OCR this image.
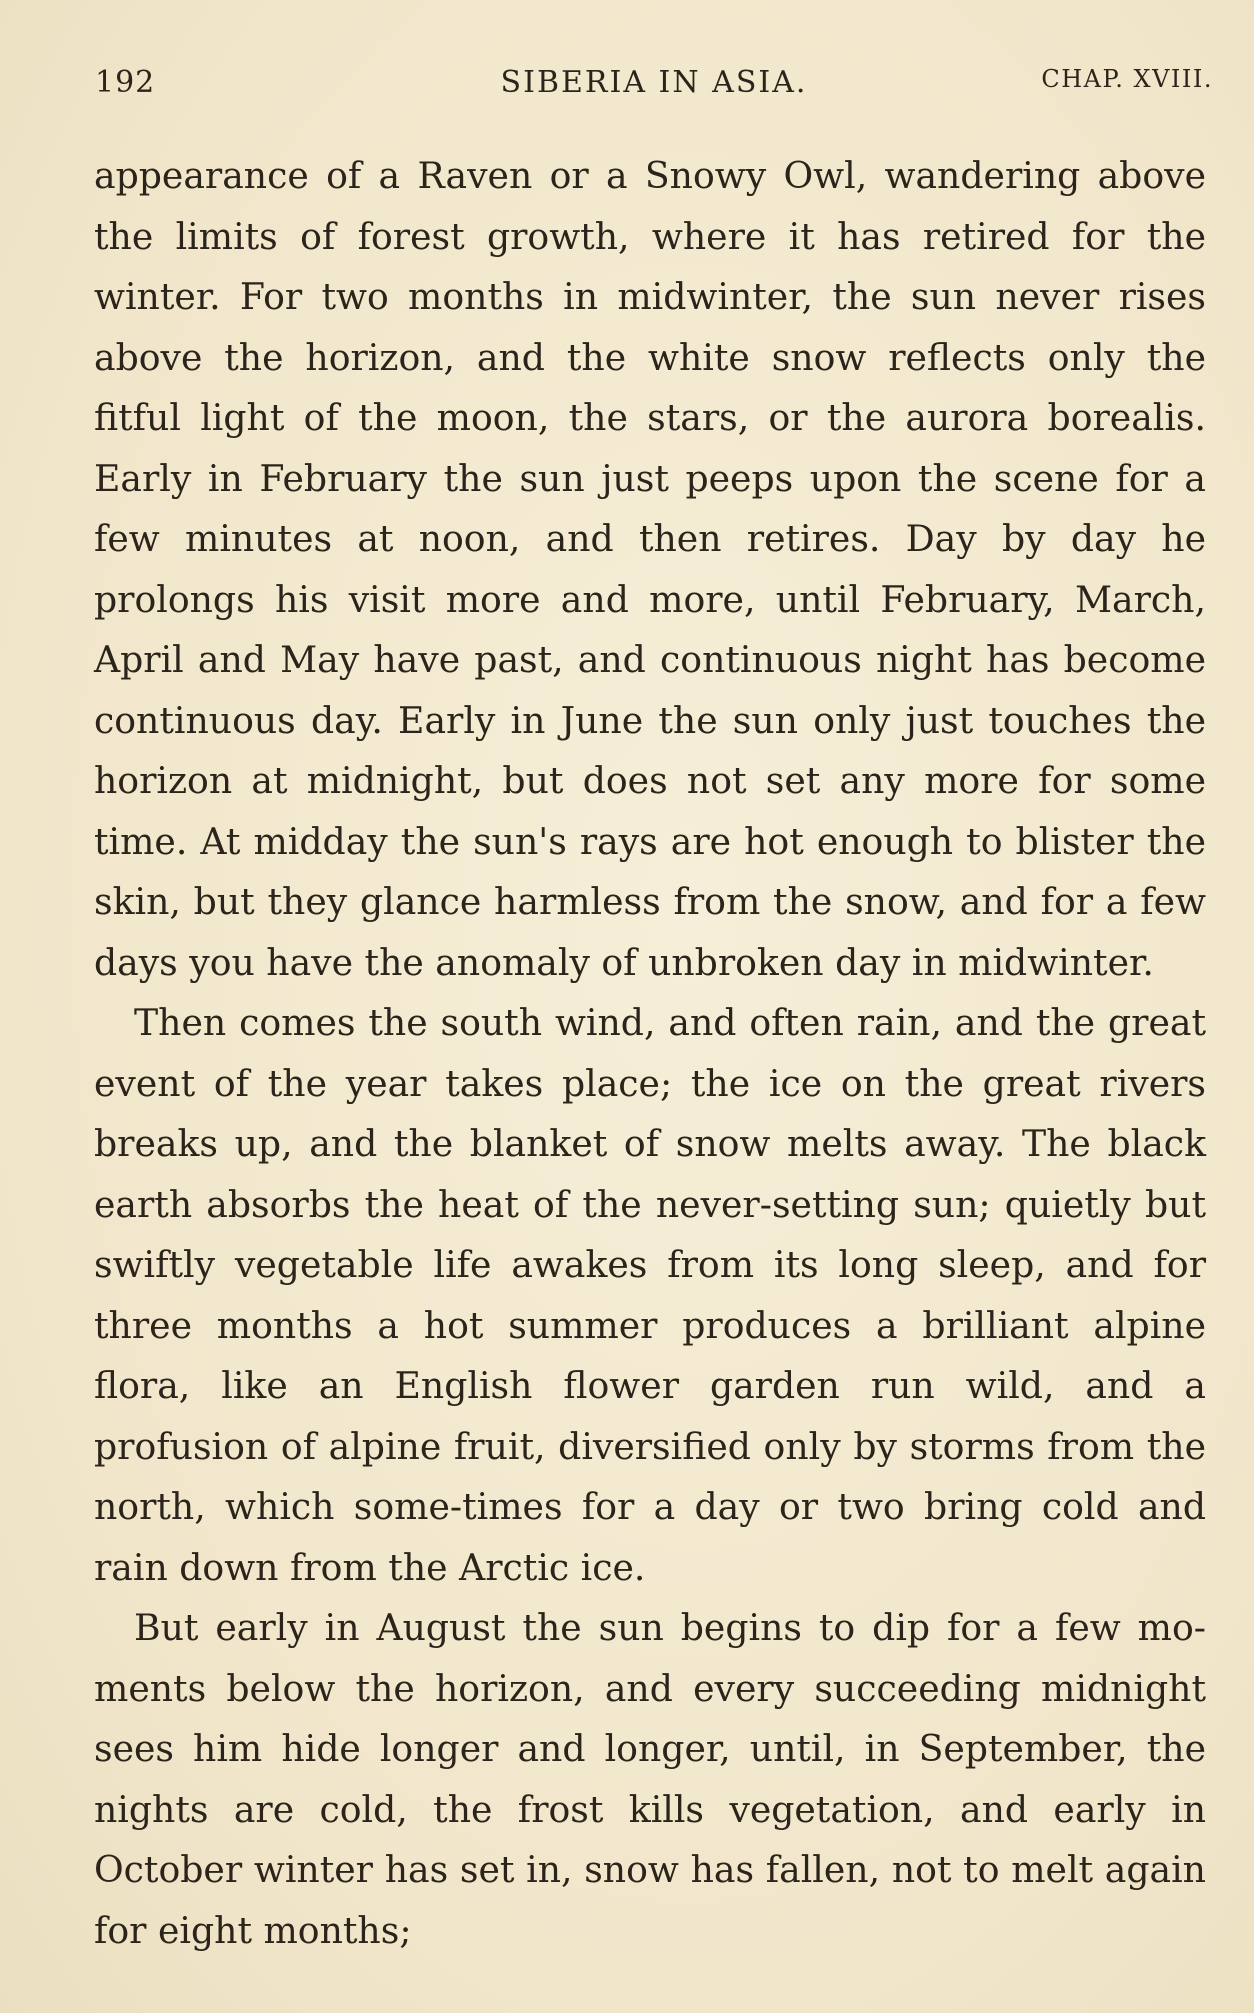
192	SIBERIA IN ASIA.	CHAP. XVIII.

appearance of a Raven or a Snowy Owl, wandering above the limits of forest growth, where it has retired for the winter. For two months in midwinter, the sun never rises above the horizon, and the white snow reflects only the fitful light of the moon, the stars, or the aurora borealis. Early in February the sun just peeps upon the scene for a few minutes at noon, and then retires. Day by day he prolongs his visit more and more, until February, March, April and May have past, and continuous night has become continuous day. Early in June the sun only just touches the horizon at midnight, but does not set any more for some time. At midday the sun's rays are hot enough to blister the skin, but they glance harmless from the snow, and for a few days you have the anomaly of unbroken day in midwinter.

Then comes the south wind, and often rain, and the great event of the year takes place; the ice on the great rivers breaks up, and the blanket of snow melts away. The black earth absorbs the heat of the never-setting sun; quietly but swiftly vegetable life awakes from its long sleep, and for three months a hot summer produces a brilliant alpine flora, like an English flower garden run wild, and a profusion of alpine fruit, diversified only by storms from the north, which some-times for a day or two bring cold and rain down from the Arctic ice.

But early in August the sun begins to dip for a few mo-ments below the horizon, and every succeeding midnight sees him hide longer and longer, until, in September, the nights are cold, the frost kills vegetation, and early in October winter has set in, snow has fallen, not to melt again for eight months;
